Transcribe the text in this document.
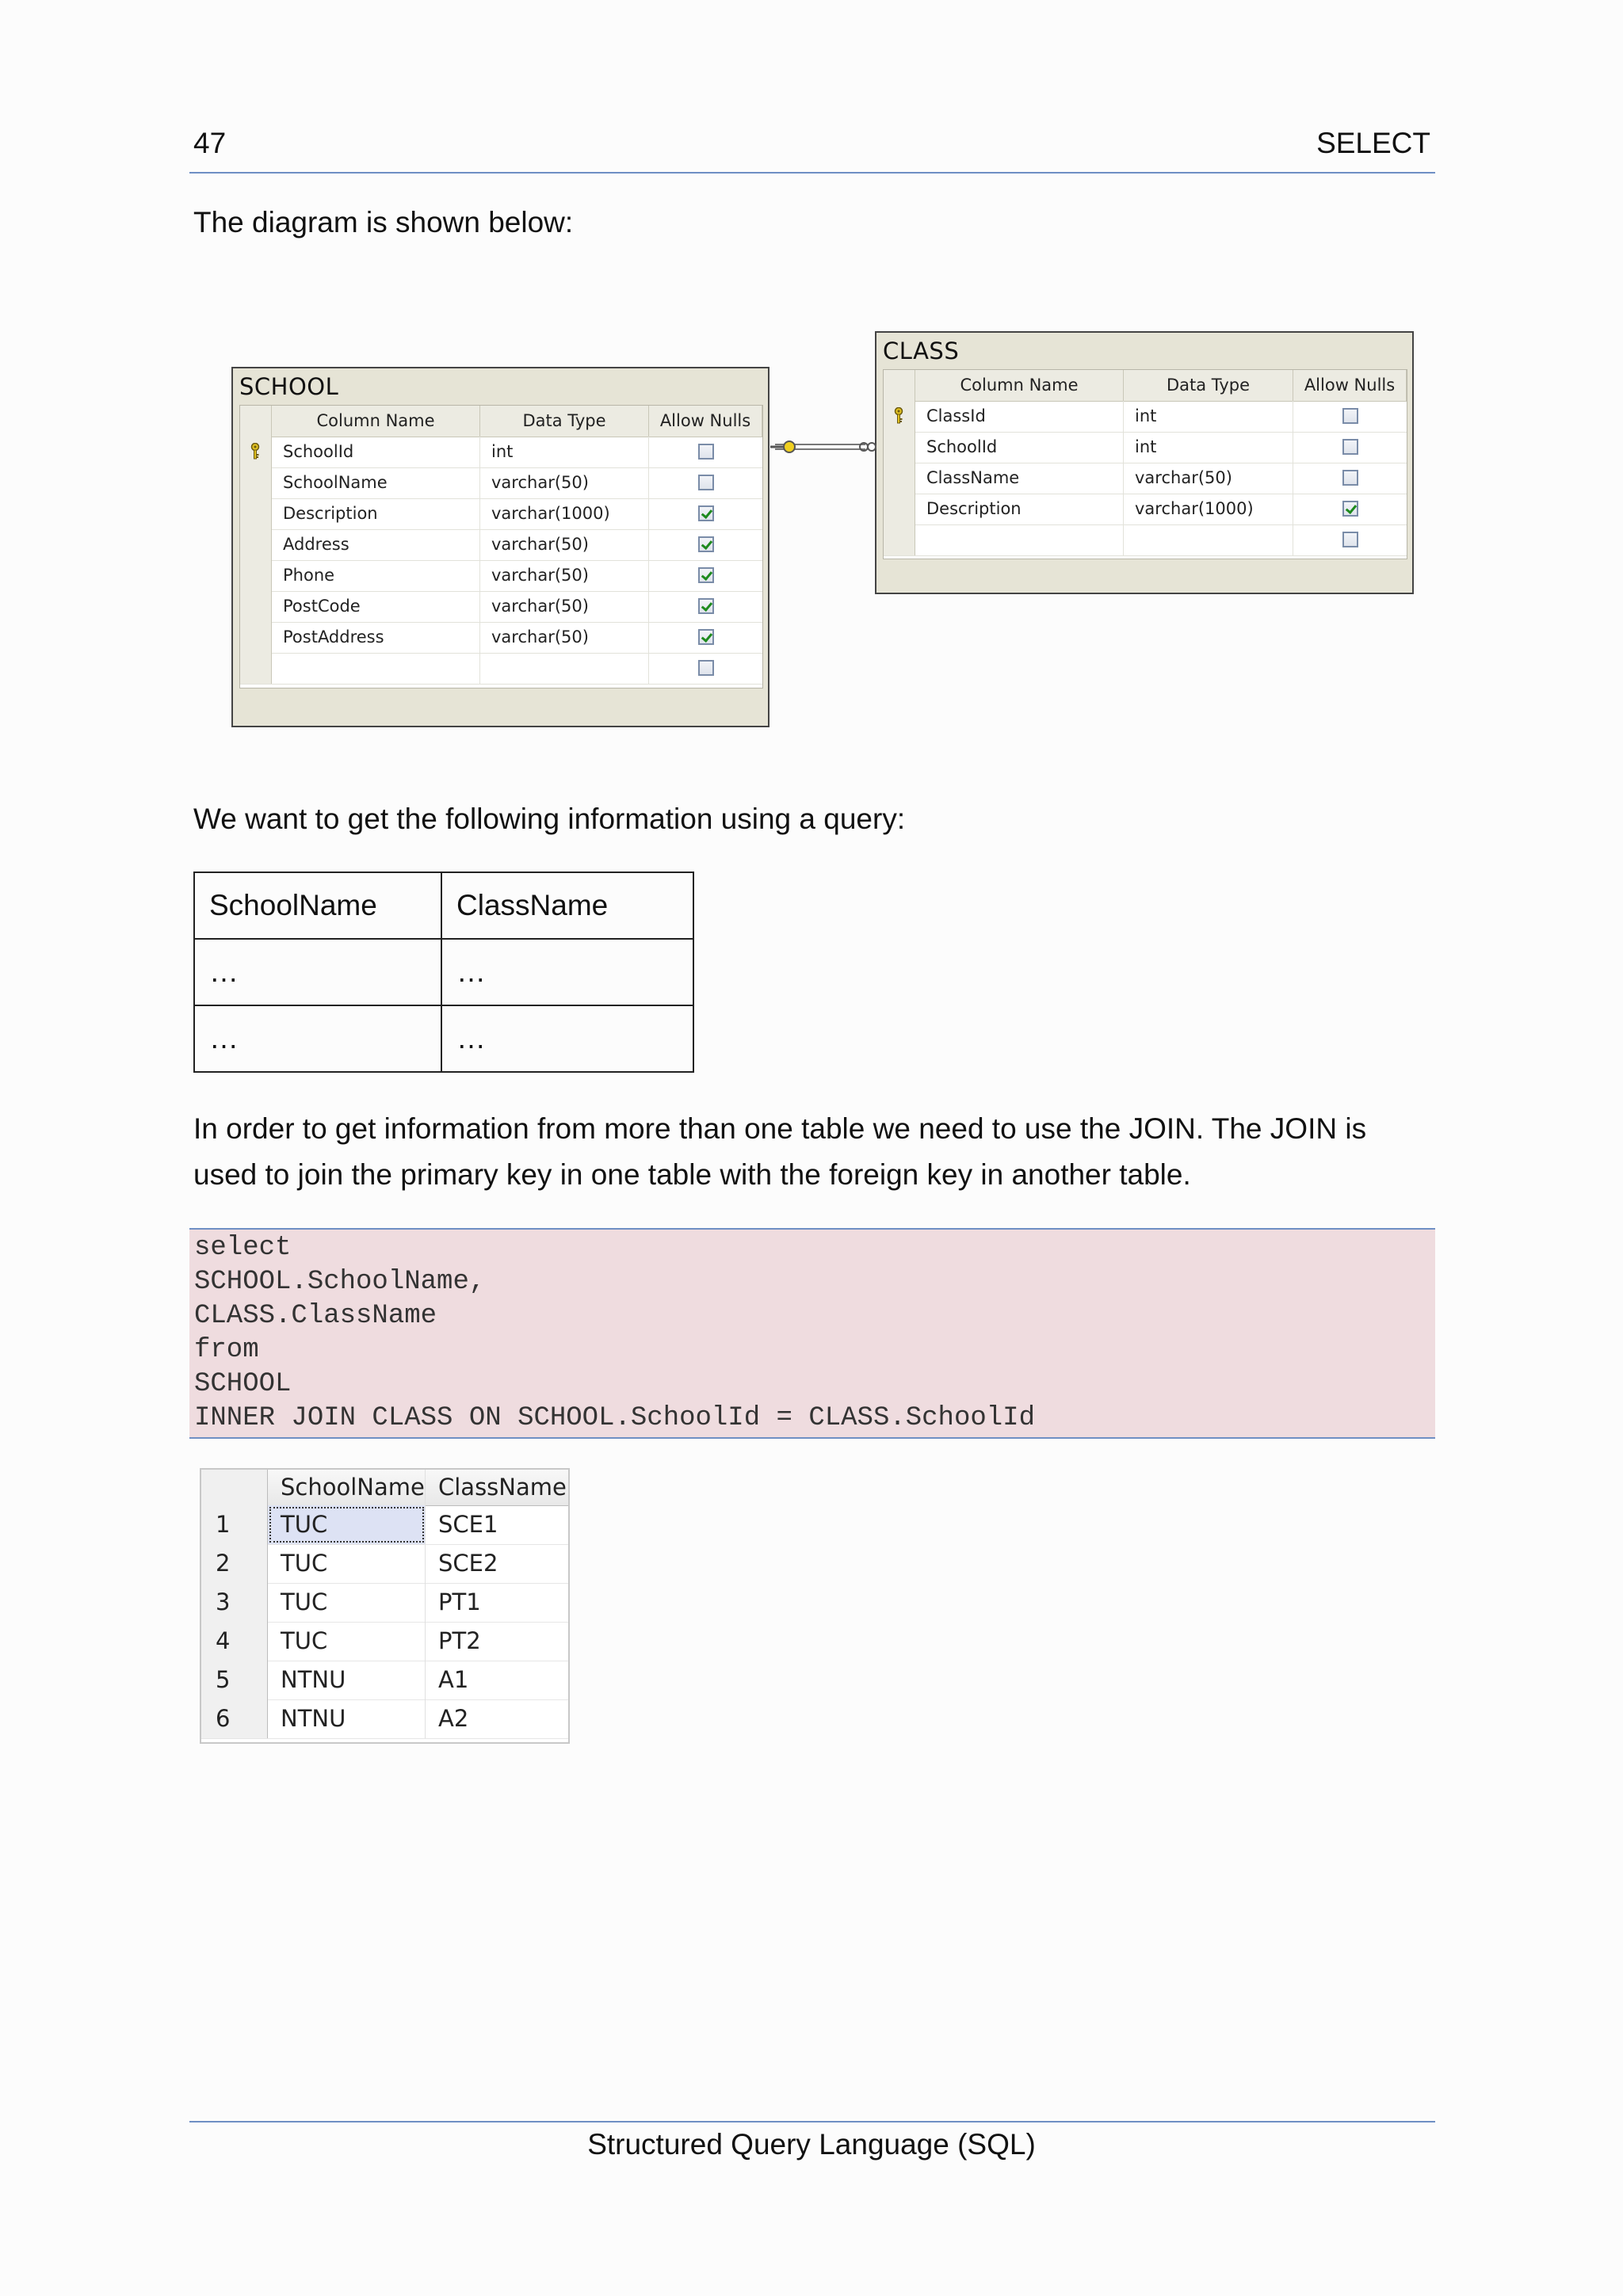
47	SELECT
The diagram is shown below:
SCHOOL
Column Name	Data Type	Allow Nulls
SchoolId	int
SchoolName	varchar(50)
Description	varchar(1000)
Address	varchar(50)
Phone	varchar(50)
PostCode	varchar(50)
PostAddress	varchar(50)
CLASS
Column Name	Data Type	Allow Nulls
ClassId	int
SchoolId	int
ClassName	varchar(50)
Description	varchar(1000)
We want to get the following information using a query:
SchoolName	ClassName
…	…
…	…
In order to get information from more than one table we need to use the JOIN. The JOIN is
used to join the primary key in one table with the foreign key in another table.
select
SCHOOL.SchoolName,
CLASS.ClassName
from
SCHOOL
INNER JOIN CLASS ON SCHOOL.SchoolId = CLASS.SchoolId
SchoolName ClassName
1	TUC	SCE1
2	TUC	SCE2
3	TUC	PT1
4	TUC	PT2
5	NTNU	A1
6	NTNU	A2
Structured Query Language (SQL)
